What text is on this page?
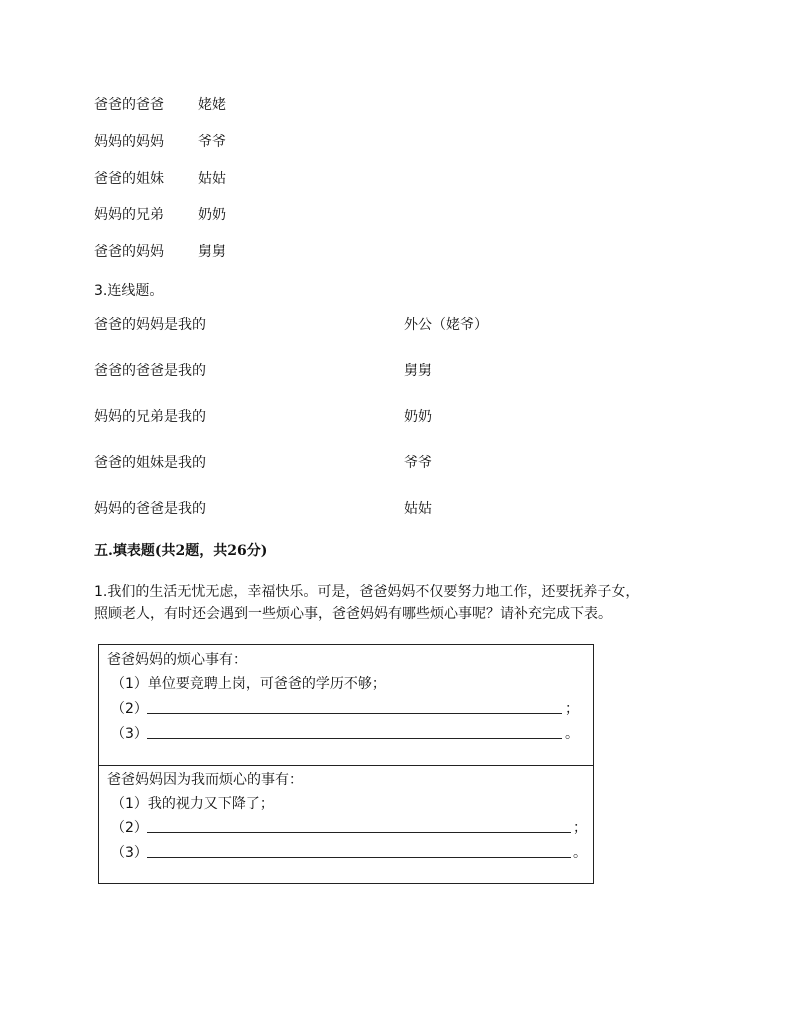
爸爸的爸爸 姥姥
妈妈的妈妈 爷爷
爸爸的姐妹 姑姑
妈妈的兄弟 奶奶
爸爸的妈妈 舅舅
3.连线题。
爸爸的妈妈是我的	外公（姥爷）
爸爸的爸爸是我的	舅舅
妈妈的兄弟是我的	奶奶
爸爸的姐妹是我的	爷爷
妈妈的爸爸是我的	姑姑
五.填表题(共2题，共26分)
1.我们的生活无忧无虑，幸福快乐。可是，爸爸妈妈不仅要努力地工作，还要抚养子女，
照顾老人，有时还会遇到一些烦心事，爸爸妈妈有哪些烦心事呢？请补充完成下表。
爸爸妈妈的烦心事有：
（1）单位要竞聘上岗，可爸爸的学历不够；
（2）	；
（3）	。
爸爸妈妈因为我而烦心的事有：
（1）我的视力又下降了；
（2）	；
（3）	。
